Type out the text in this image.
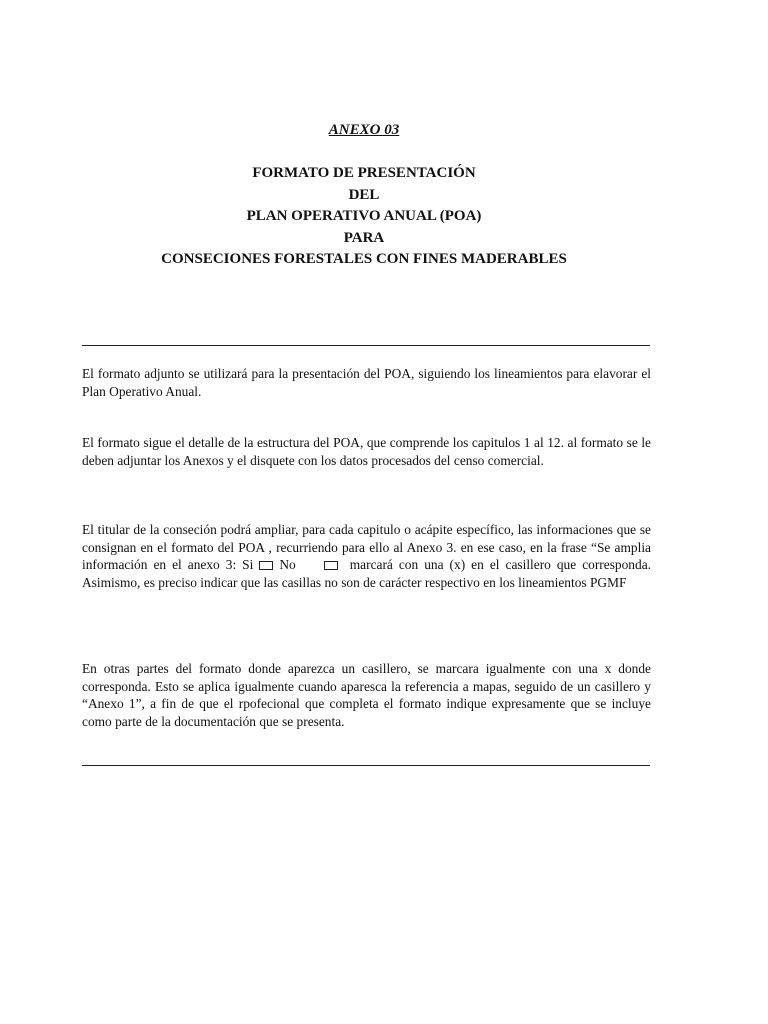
ANEXO 03
FORMATO DE PRESENTACIÓN
DEL
PLAN OPERATIVO ANUAL (POA)
PARA
CONSECIONES FORESTALES CON FINES MADERABLES

El formato adjunto se utilizará para la presentación del POA, siguiendo los lineamientos para elavorar el Plan Operativo Anual.

El formato sigue el detalle de la estructura del POA, que comprende los capitulos 1 al 12. al formato se le deben adjuntar los Anexos y el disquete con los datos procesados del censo comercial.

El titular de la conseción podrá ampliar, para cada capitulo o acápite específico, las informaciones que se consignan en el formato del POA , recurriendo para ello al Anexo 3. en ese caso, en la frase “Se amplia información en el anexo 3: Si No	marcará con una (x) en el casillero que corresponda. Asimismo, es preciso indicar que las casillas no son de carácter respectivo en los lineamientos PGMF

En otras partes del formato donde aparezca un casillero, se marcara igualmente con una x donde corresponda. Esto se aplica igualmente cuando aparesca la referencia a mapas, seguido de un casillero y “Anexo 1”, a fin de que el rpofecional que completa el formato indique expresamente que se incluye como parte de la documentación que se presenta.
